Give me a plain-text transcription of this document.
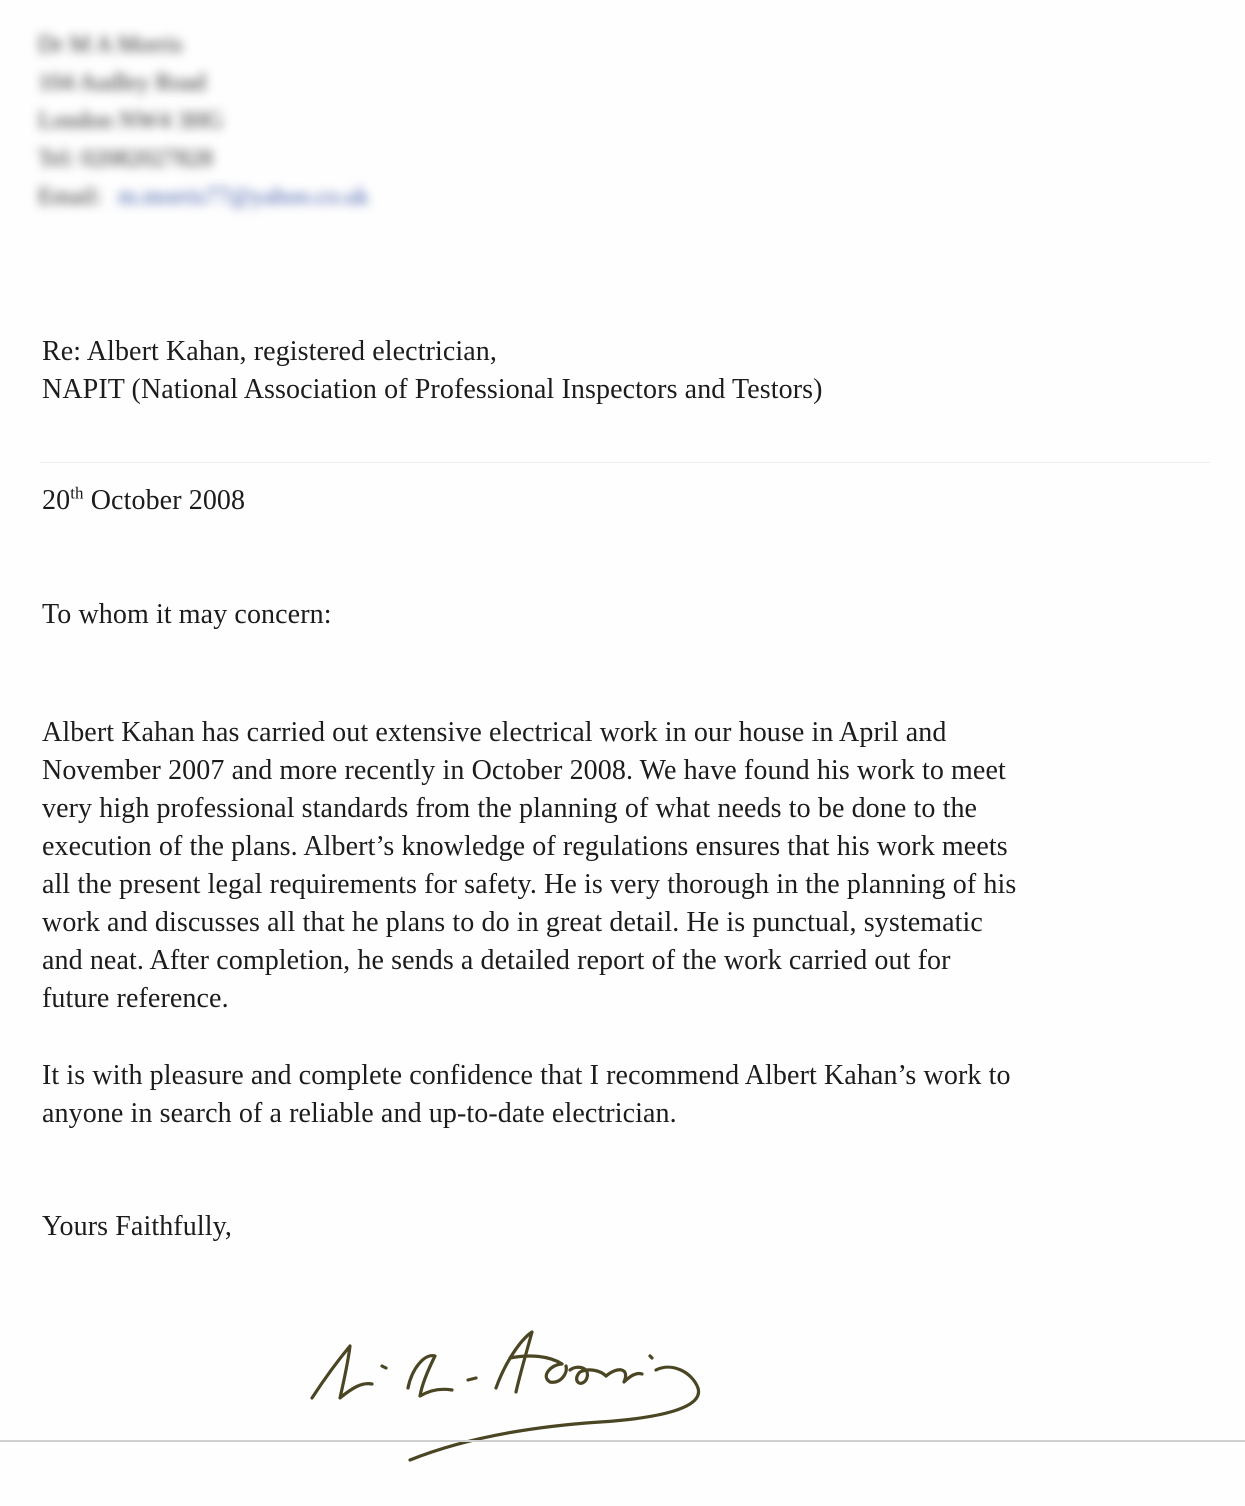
Dr M A Morris
104 Audley Road
London NW4 3HG
Tel: 02082027828
Email: m.morris77@yahoo.co.uk
Re: Albert Kahan, registered electrician,
NAPIT (National Association of Professional Inspectors and Testors)
20th October 2008
To whom it may concern:
Albert Kahan has carried out extensive electrical work in our house in April and
November 2007 and more recently in October 2008. We have found his work to meet
very high professional standards from the planning of what needs to be done to the
execution of the plans. Albert’s knowledge of regulations ensures that his work meets
all the present legal requirements for safety. He is very thorough in the planning of his
work and discusses all that he plans to do in great detail. He is punctual, systematic
and neat. After completion, he sends a detailed report of the work carried out for
future reference.
It is with pleasure and complete confidence that I recommend Albert Kahan’s work to
anyone in search of a reliable and up-to-date electrician.
Yours Faithfully,
